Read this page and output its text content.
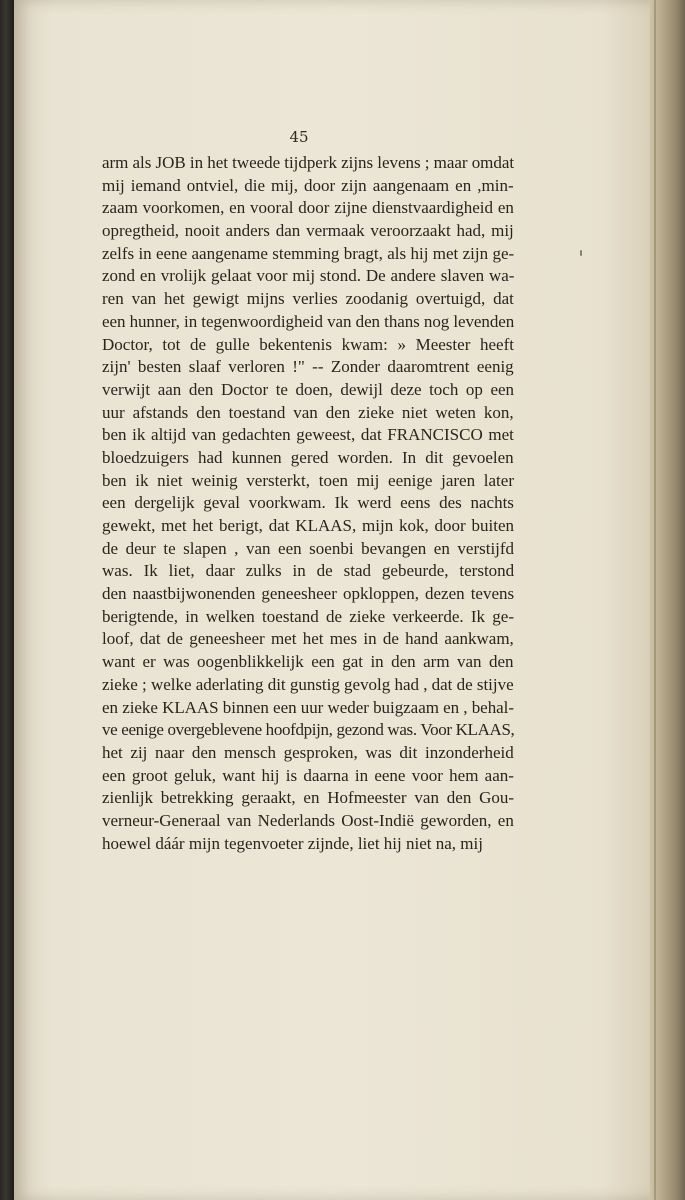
45
arm als JOB in het tweede tijdperk zijns levens ; maar omdat
mij iemand ontviel, die mij, door zijn aangenaam en ,min-
zaam voorkomen, en vooral door zijne dienstvaardigheid en
opregtheid, nooit anders dan vermaak veroorzaakt had, mij
zelfs in eene aangename stemming bragt, als hij met zijn ge-
zond en vrolijk gelaat voor mij stond. De andere slaven wa-
ren van het gewigt mijns verlies zoodanig overtuigd, dat
een hunner, in tegenwoordigheid van den thans nog levenden
Doctor, tot de gulle bekentenis kwam: » Meester heeft
zijn' besten slaaf verloren !" -- Zonder daaromtrent eenig
verwijt aan den Doctor te doen, dewijl deze toch op een
uur afstands den toestand van den zieke niet weten kon,
ben ik altijd van gedachten geweest, dat FRANCISCO met
bloedzuigers had kunnen gered worden. In dit gevoelen
ben ik niet weinig versterkt, toen mij eenige jaren later
een dergelijk geval voorkwam. Ik werd eens des nachts
gewekt, met het berigt, dat KLAAS, mijn kok, door buiten
de deur te slapen , van een soenbi bevangen en verstijfd
was. Ik liet, daar zulks in de stad gebeurde, terstond
den naastbijwonenden geneesheer opkloppen, dezen tevens
berigtende, in welken toestand de zieke verkeerde. Ik ge-
loof, dat de geneesheer met het mes in de hand aankwam,
want er was oogenblikkelijk een gat in den arm van den
zieke ; welke aderlating dit gunstig gevolg had , dat de stijve
en zieke KLAAS binnen een uur weder buigzaam en , behal-
ve eenige overgeblevene hoofdpijn, gezond was. Voor KLAAS,
het zij naar den mensch gesproken, was dit inzonderheid
een groot geluk, want hij is daarna in eene voor hem aan-
zienlijk betrekking geraakt, en Hofmeester van den Gou-
verneur-Generaal van Nederlands Oost-Indië geworden, en
hoewel dáár mijn tegenvoeter zijnde, liet hij niet na, mij
